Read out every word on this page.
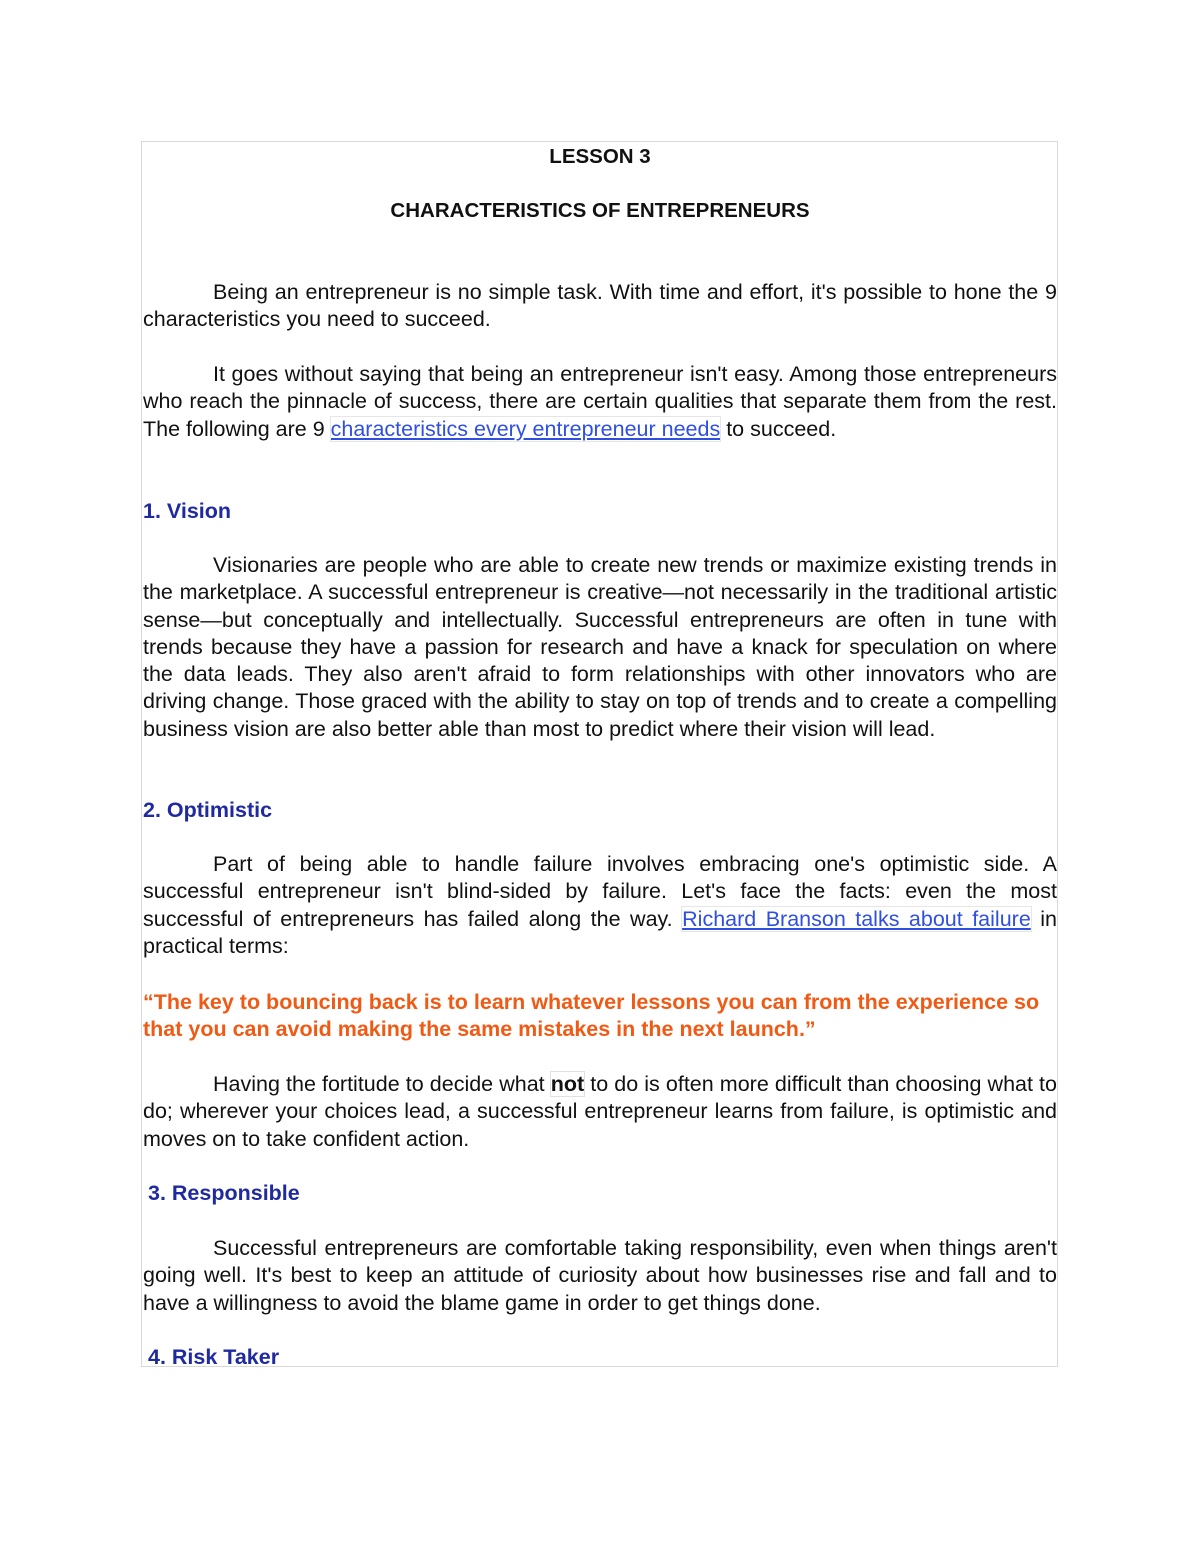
LESSON 3
CHARACTERISTICS OF ENTREPRENEURS

Being an entrepreneur is no simple task. With time and effort, it's possible to hone the 9 characteristics you need to succeed.

It goes without saying that being an entrepreneur isn't easy. Among those entrepreneurs who reach the pinnacle of success, there are certain qualities that separate them from the rest. The following are 9 characteristics every entrepreneur needs to succeed.

1. Vision

Visionaries are people who are able to create new trends or maximize existing trends in the marketplace. A successful entrepreneur is creative—not necessarily in the traditional artistic sense—but conceptually and intellectually. Successful entrepreneurs are often in tune with trends because they have a passion for research and have a knack for speculation on where the data leads. They also aren't afraid to form relationships with other innovators who are driving change. Those graced with the ability to stay on top of trends and to create a compelling business vision are also better able than most to predict where their vision will lead.

2. Optimistic

Part of being able to handle failure involves embracing one's optimistic side. A successful entrepreneur isn't blind-sided by failure. Let's face the facts: even the most successful of entrepreneurs has failed along the way. Richard Branson talks about failure in practical terms:

“The key to bouncing back is to learn whatever lessons you can from the experience so that you can avoid making the same mistakes in the next launch.”

Having the fortitude to decide what not to do is often more difficult than choosing what to do; wherever your choices lead, a successful entrepreneur learns from failure, is optimistic and moves on to take confident action.

3. Responsible

Successful entrepreneurs are comfortable taking responsibility, even when things aren't going well. It's best to keep an attitude of curiosity about how businesses rise and fall and to have a willingness to avoid the blame game in order to get things done.

4. Risk Taker
